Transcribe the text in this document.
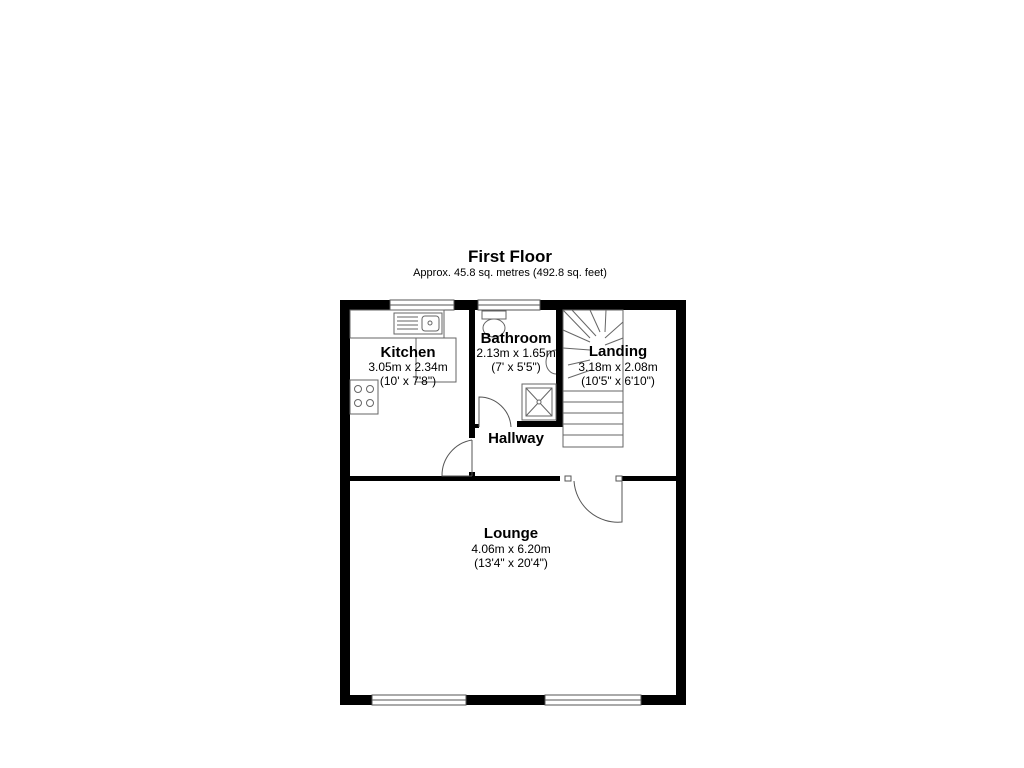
First Floor
Approx. 45.8 sq. metres (492.8 sq. feet)
Kitchen
3.05m x 2.34m
(10' x 7'8")
Bathroom
2.13m x 1.65m
(7' x 5'5")
Landing
3.18m x 2.08m
(10'5" x 6'10")
Hallway
Lounge
4.06m x 6.20m
(13'4" x 20'4")
